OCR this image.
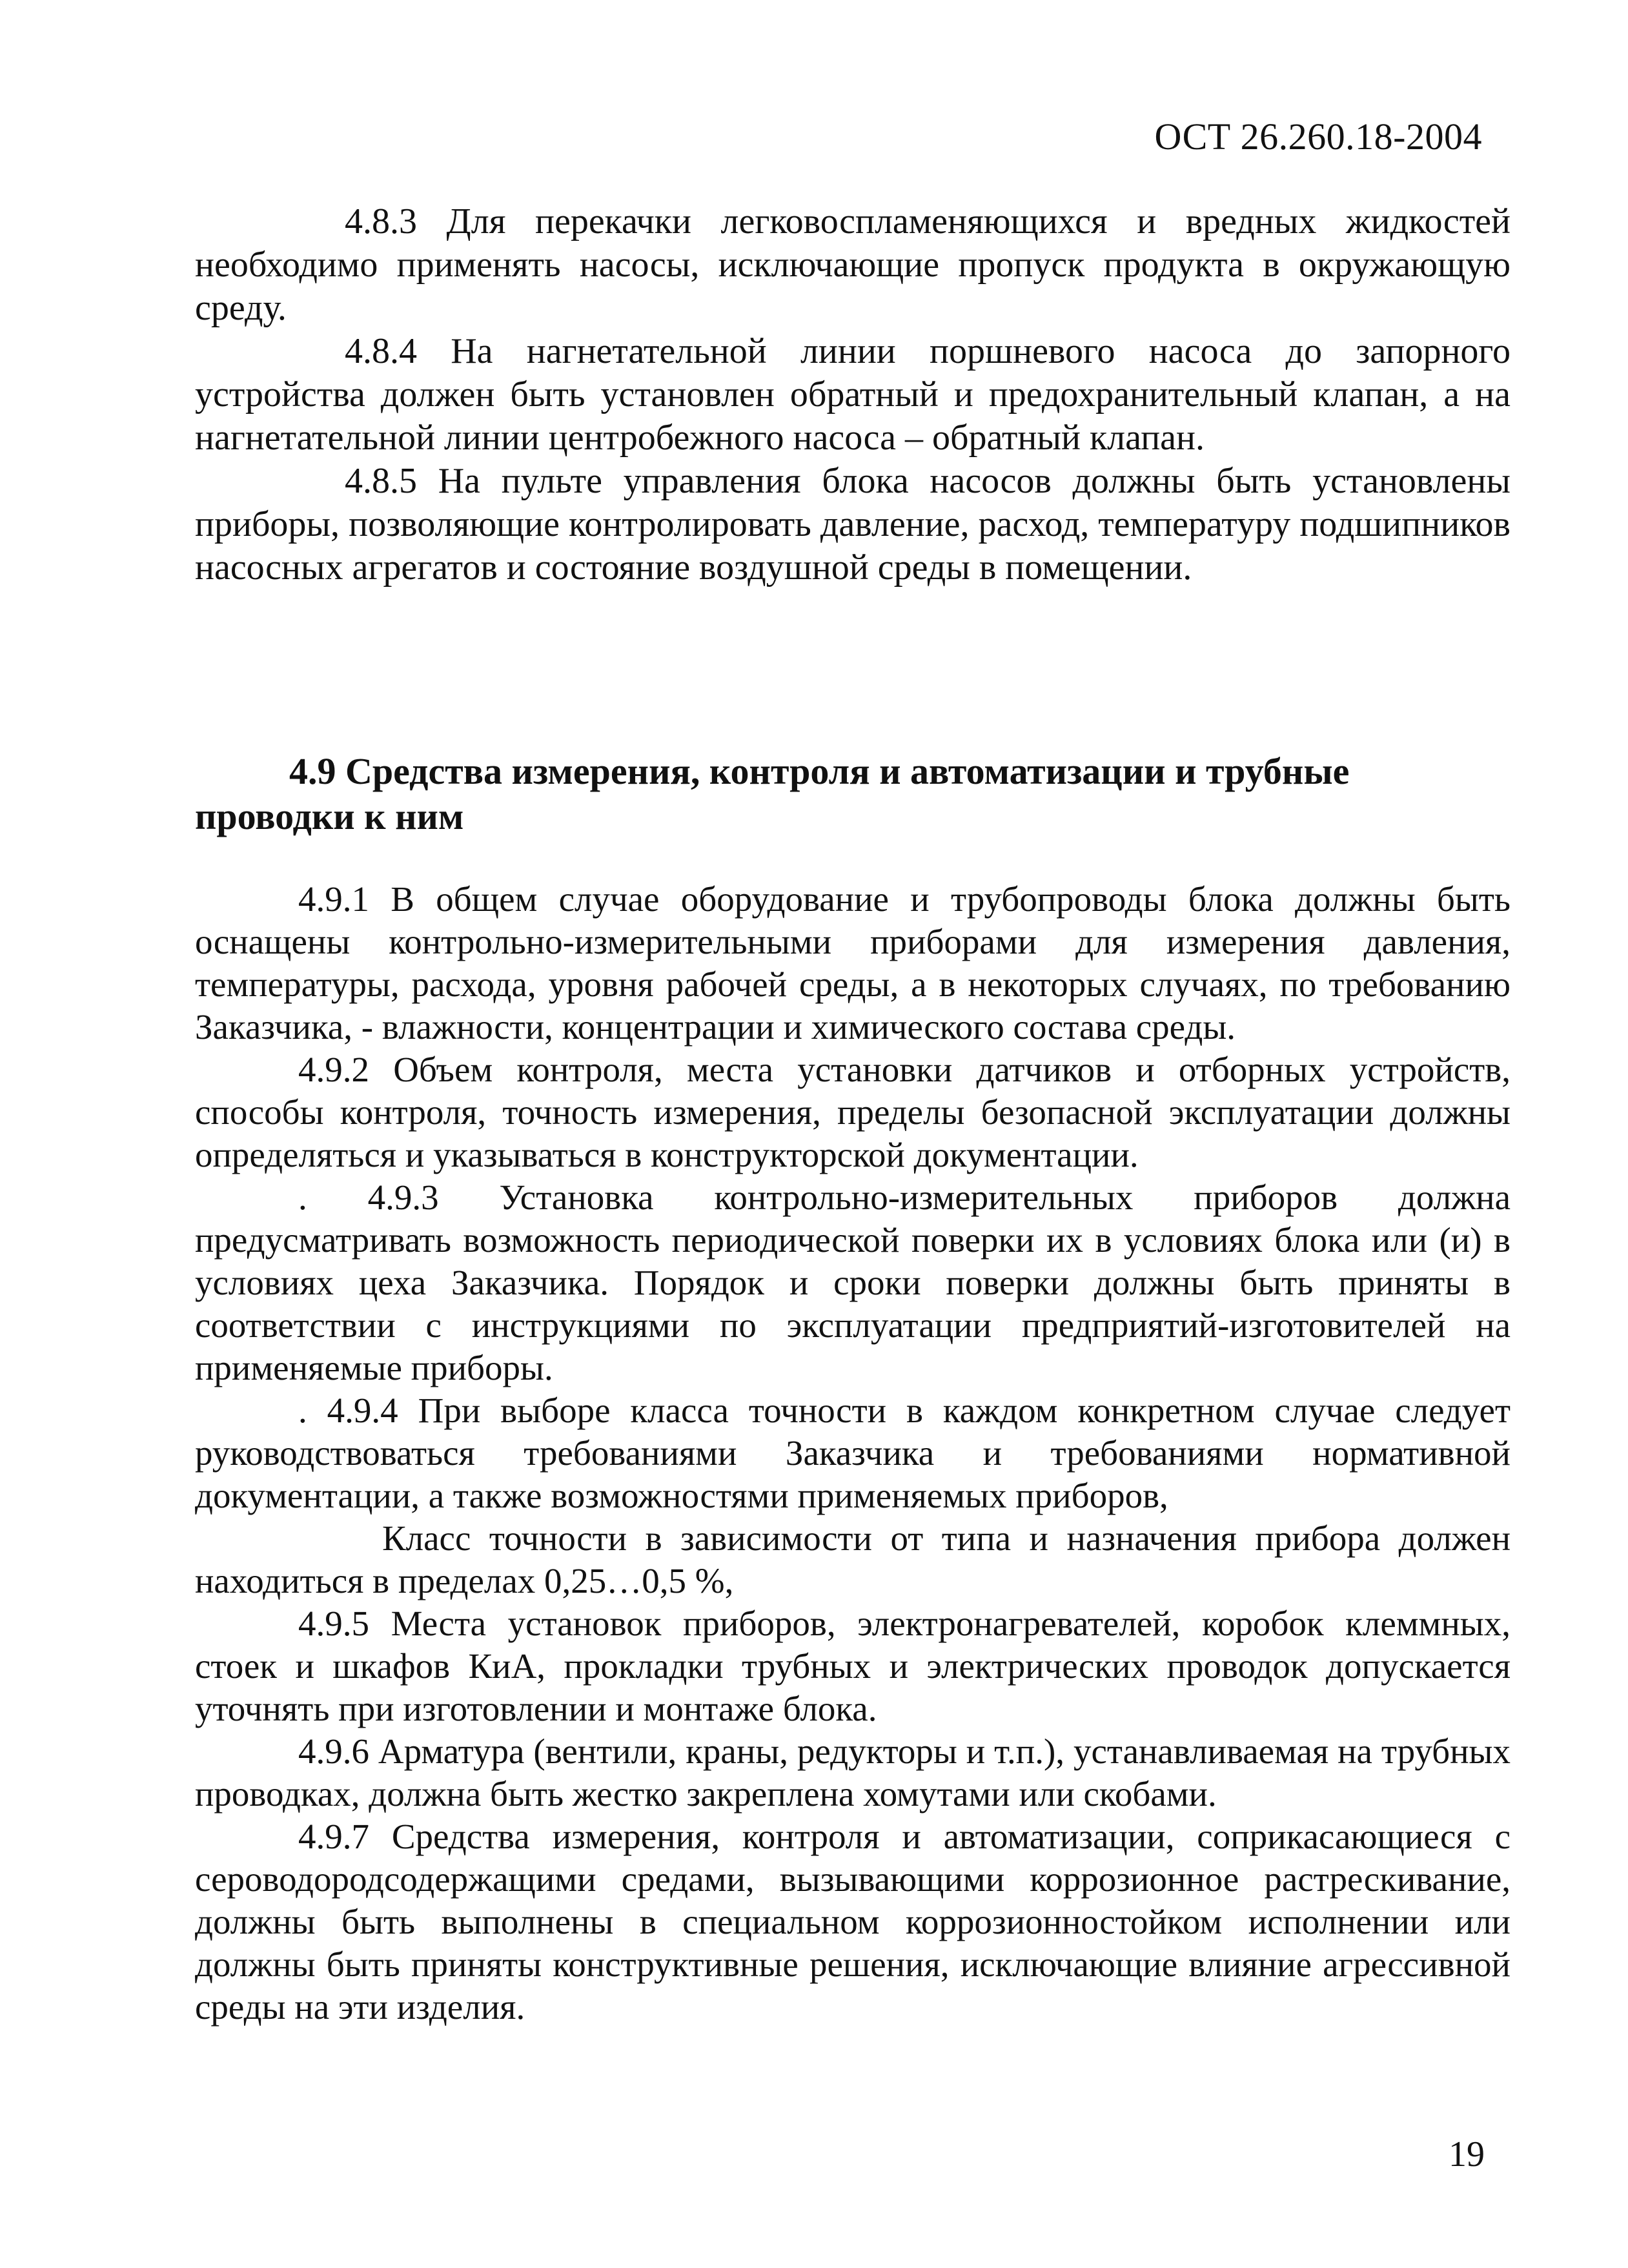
ОСТ 26.260.18-2004

4.8.3 Для перекачки легковоспламеняющихся и вредных жидкостей необходимо применять насосы, исключающие пропуск продукта в окружающую среду.

4.8.4 На нагнетательной линии поршневого насоса до запорного устройства должен быть установлен обратный и предохранительный клапан, а на нагнетательной линии центробежного насоса – обратный клапан.

4.8.5 На пульте управления блока насосов должны быть установлены приборы, позволяющие контролировать давление, расход, температуру подшипников насосных агрегатов и состояние воздушной среды в помещении.

4.9 Средства измерения, контроля и автоматизации и трубные проводки к ним

4.9.1 В общем случае оборудование и трубопроводы блока должны быть оснащены контрольно-измерительными приборами для измерения давления, температуры, расхода, уровня рабочей среды, а в некоторых случаях, по требованию Заказчика, - влажности, концентрации и химического состава среды.

4.9.2 Объем контроля, места установки датчиков и отборных устройств, способы контроля, точность измерения, пределы безопасной эксплуатации должны определяться и указываться в конструкторской документации.

. 4.9.3 Установка контрольно-измерительных приборов должна предусматривать возможность периодической поверки их в условиях блока или (и) в условиях цеха Заказчика. Порядок и сроки поверки должны быть приняты в соответствии с инструкциями по эксплуатации предприятий-изготовителей на применяемые приборы.

. 4.9.4 При выборе класса точности в каждом конкретном случае следует руководствоваться требованиями Заказчика и требованиями нормативной документации, а также возможностями применяемых приборов,

Класс точности в зависимости от типа и назначения прибора должен находиться в пределах 0,25…0,5 %,

4.9.5 Места установок приборов, электронагревателей, коробок клеммных, стоек и шкафов КиА, прокладки трубных и электрических проводок допускается уточнять при изготовлении и монтаже блока.

4.9.6 Арматура (вентили, краны, редукторы и т.п.), устанавливаемая на трубных проводках, должна быть жестко закреплена хомутами или скобами.

4.9.7 Средства измерения, контроля и автоматизации, соприкасающиеся с сероводородсодержащими средами, вызывающими коррозионное растрескивание, должны быть выполнены в специальном коррозионностойком исполнении или должны быть приняты конструктивные решения, исключающие влияние агрессивной среды на эти изделия.

19
